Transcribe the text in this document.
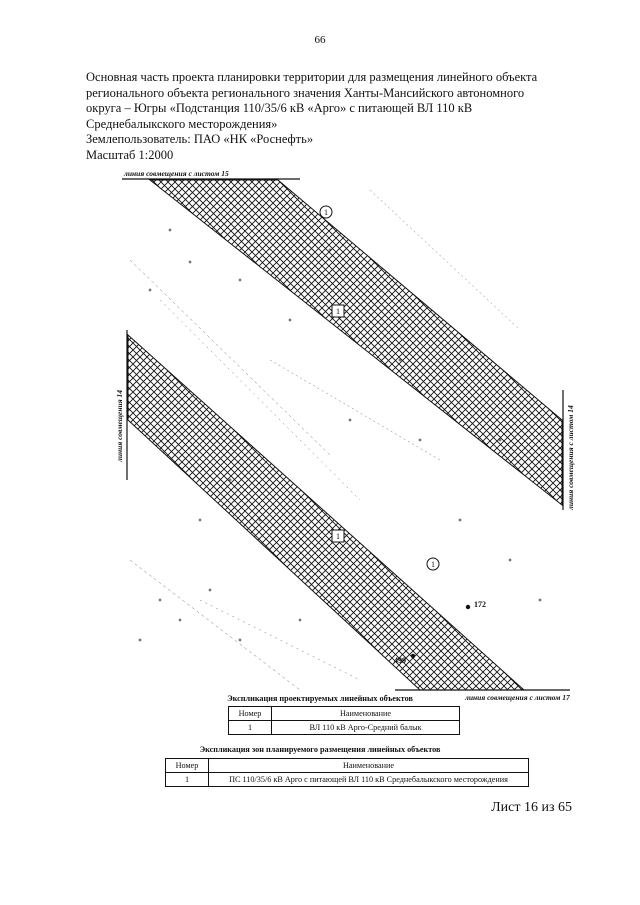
66
Основная часть проекта планировки территории для размещения линейного объекта
регионального объекта регионального значения Ханты-Мансийского автономного
округа – Югры «Подстанция 110/35/6 кВ «Арго» с питающей ВЛ 110 кВ
Среднебалыкского месторождения»
Землепользователь: ПАО «НК «Роснефть»
Масштаб 1:2000
линия совмещения с листом 15
линия совмещения 14	линия совмещения с листом 14
линия совмещения с листом 17
1
1
1
1
172
499
Экспликация проектируемых линейных объектов
Номер	Наименование
1	ВЛ 110 кВ Арго-Средний балык
Экспликация зон планируемого размещения линейных объектов
Номер	Наименование
1	ПС 110/35/6 кВ Арго с питающей ВЛ 110 кВ Среднебалыкского месторождения
Лист 16 из 65
